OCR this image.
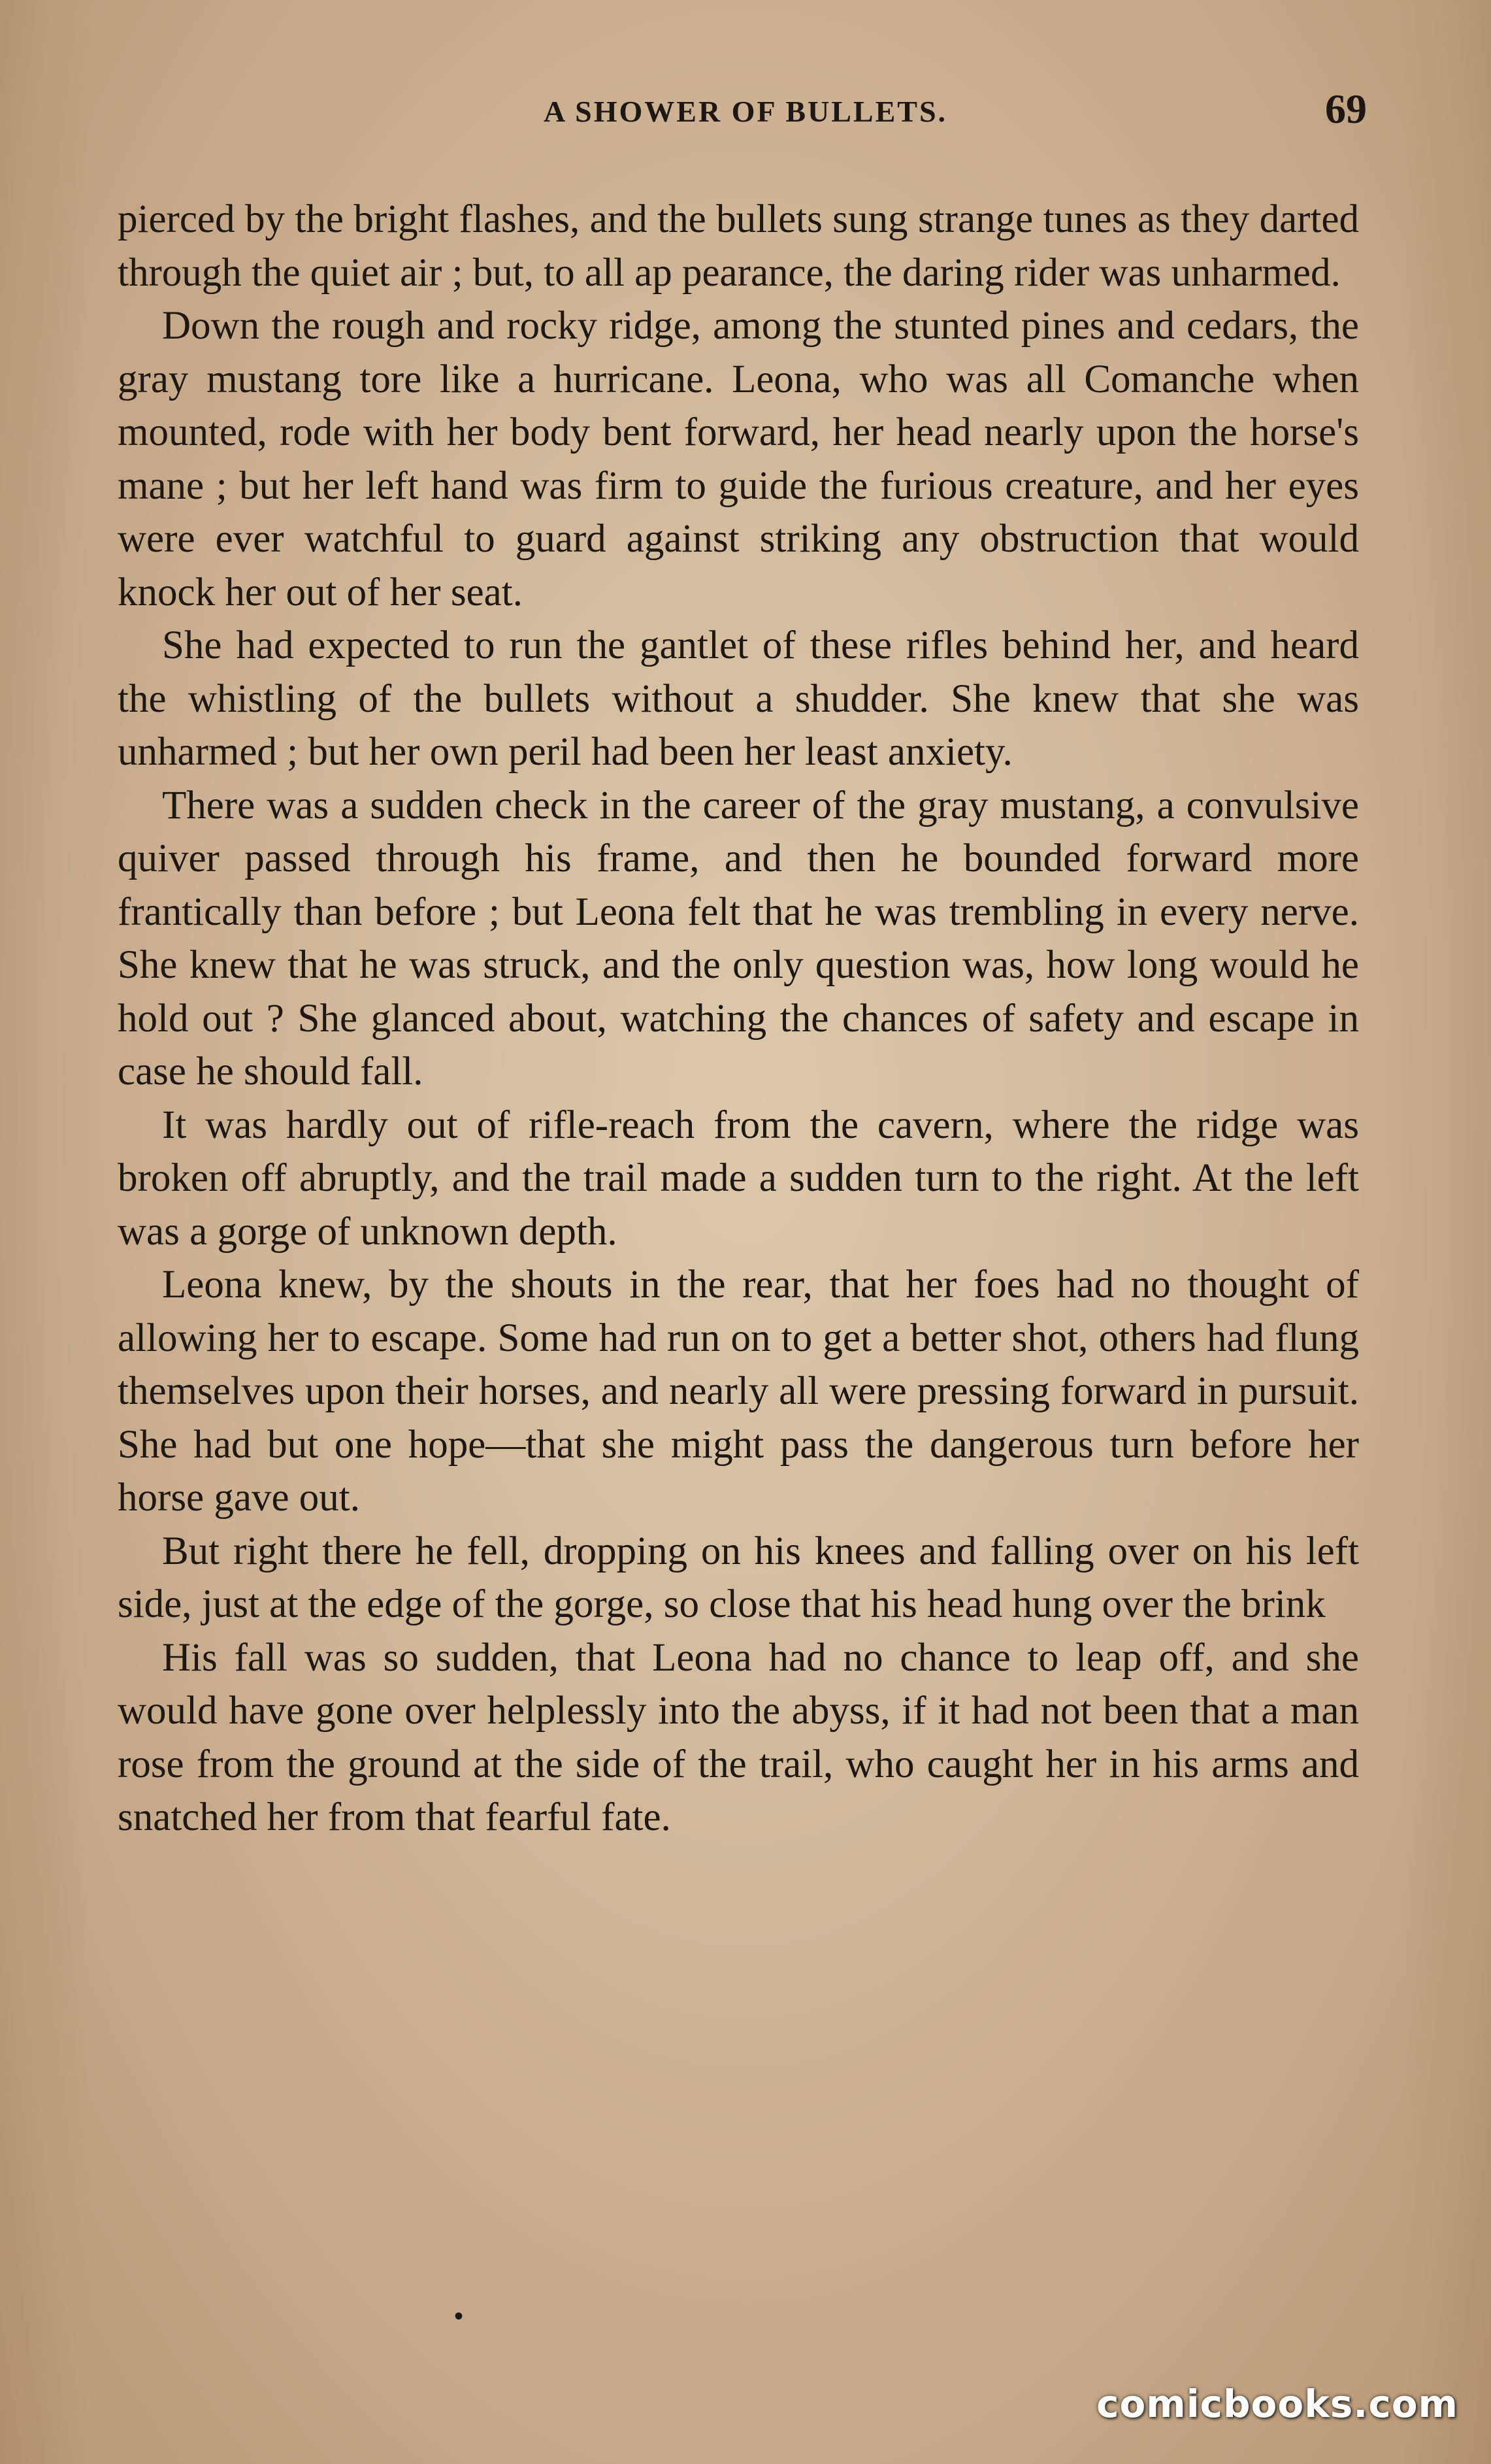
A SHOWER OF BULLETS.	69

pierced by the bright flashes, and the bullets sung strange tunes as they darted through the quiet air ; but, to all ap pearance, the daring rider was unharmed.

Down the rough and rocky ridge, among the stunted pines and cedars, the gray mustang tore like a hurricane. Leona, who was all Comanche when mounted, rode with her body bent forward, her head nearly upon the horse's mane ; but her left hand was firm to guide the furious creature, and her eyes were ever watchful to guard against striking any obstruction that would knock her out of her seat.

She had expected to run the gantlet of these rifles behind her, and heard the whistling of the bullets without a shudder. She knew that she was unharmed ; but her own peril had been her least anxiety.

There was a sudden check in the career of the gray mustang, a convulsive quiver passed through his frame, and then he bounded forward more frantically than before ; but Leona felt that he was trembling in every nerve. She knew that he was struck, and the only question was, how long would he hold out ? She glanced about, watching the chances of safety and escape in case he should fall.

It was hardly out of rifle-reach from the cavern, where the ridge was broken off abruptly, and the trail made a sudden turn to the right. At the left was a gorge of unknown depth.

Leona knew, by the shouts in the rear, that her foes had no thought of allowing her to escape. Some had run on to get a better shot, others had flung themselves upon their horses, and nearly all were pressing forward in pursuit. She had but one hope—that she might pass the dangerous turn before her horse gave out.

But right there he fell, dropping on his knees and falling over on his left side, just at the edge of the gorge, so close that his head hung over the brink

His fall was so sudden, that Leona had no chance to leap off, and she would have gone over helplessly into the abyss, if it had not been that a man rose from the ground at the side of the trail, who caught her in his arms and snatched her from that fearful fate.

•
comicbooks.com
